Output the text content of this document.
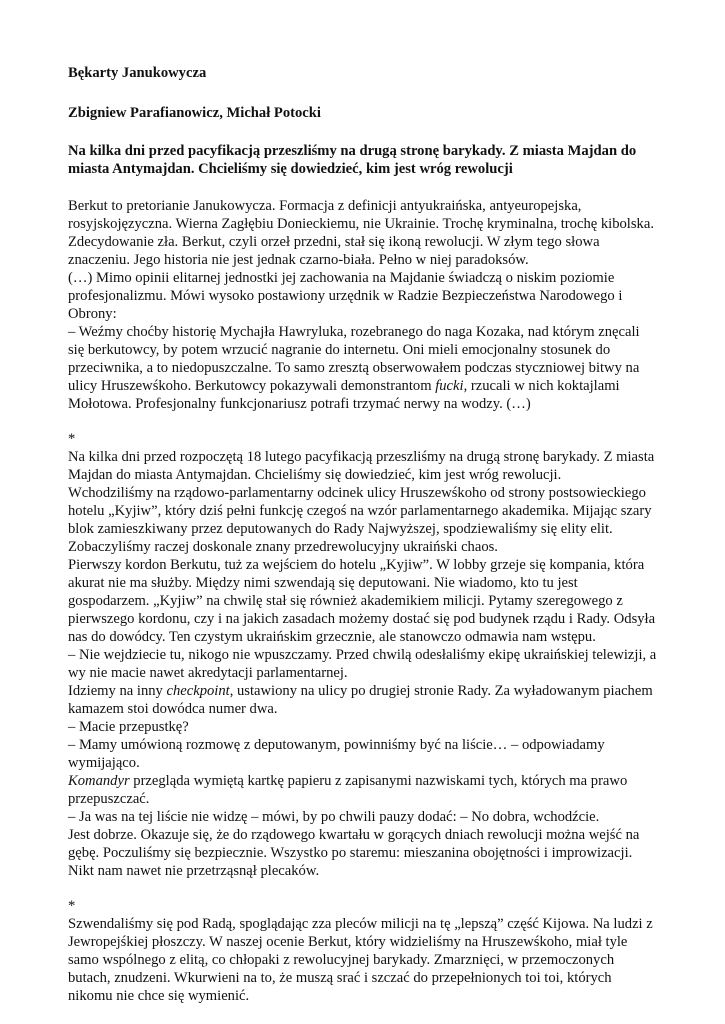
Bękarty Janukowycza

Zbigniew Parafianowicz, Michał Potocki

Na kilka dni przed pacyfikacją przeszliśmy na drugą stronę barykady. Z miasta Majdan do miasta Antymajdan. Chcieliśmy się dowiedzieć, kim jest wróg rewolucji

Berkut to pretorianie Janukowycza. Formacja z definicji antyukraińska, antyeuropejska, rosyjskojęzyczna. Wierna Zagłębiu Donieckiemu, nie Ukrainie. Trochę kryminalna, trochę kibolska. Zdecydowanie zła. Berkut, czyli orzeł przedni, stał się ikoną rewolucji. W złym tego słowa znaczeniu. Jego historia nie jest jednak czarno-biała. Pełno w niej paradoksów.

(…) Mimo opinii elitarnej jednostki jej zachowania na Majdanie świadczą o niskim poziomie profesjonalizmu. Mówi wysoko postawiony urzędnik w Radzie Bezpieczeństwa Narodowego i Obrony:

– Weźmy choćby historię Mychajła Hawryluka, rozebranego do naga Kozaka, nad którym znęcali się berkutowcy, by potem wrzucić nagranie do internetu. Oni mieli emocjonalny stosunek do przeciwnika, a to niedopuszczalne. To samo zresztą obserwowałem podczas styczniowej bitwy na ulicy Hruszewśkoho. Berkutowcy pokazywali demonstrantom fucki, rzucali w nich koktajlami Mołotowa. Profesjonalny funkcjonariusz potrafi trzymać nerwy na wodzy. (…)

*

Na kilka dni przed rozpoczętą 18 lutego pacyfikacją przeszliśmy na drugą stronę barykady. Z miasta Majdan do miasta Antymajdan. Chcieliśmy się dowiedzieć, kim jest wróg rewolucji.

Wchodziliśmy na rządowo-parlamentarny odcinek ulicy Hruszewśkoho od strony postsowieckiego hotelu „Kyjiw”, który dziś pełni funkcję czegoś na wzór parlamentarnego akademika. Mijając szary blok zamieszkiwany przez deputowanych do Rady Najwyższej, spodziewaliśmy się elity elit. Zobaczyliśmy raczej doskonale znany przedrewolucyjny ukraiński chaos.

Pierwszy kordon Berkutu, tuż za wejściem do hotelu „Kyjiw”. W lobby grzeje się kompania, która akurat nie ma służby. Między nimi szwendają się deputowani. Nie wiadomo, kto tu jest gospodarzem. „Kyjiw” na chwilę stał się również akademikiem milicji. Pytamy szeregowego z pierwszego kordonu, czy i na jakich zasadach możemy dostać się pod budynek rządu i Rady. Odsyła nas do dowódcy. Ten czystym ukraińskim grzecznie, ale stanowczo odmawia nam wstępu.

– Nie wejdziecie tu, nikogo nie wpuszczamy. Przed chwilą odesłaliśmy ekipę ukraińskiej telewizji, a wy nie macie nawet akredytacji parlamentarnej.

Idziemy na inny checkpoint, ustawiony na ulicy po drugiej stronie Rady. Za wyładowanym piachem kamazem stoi dowódca numer dwa.

– Macie przepustkę?

– Mamy umówioną rozmowę z deputowanym, powinniśmy być na liście… – odpowiadamy wymijająco.

Komandyr przegląda wymiętą kartkę papieru z zapisanymi nazwiskami tych, których ma prawo przepuszczać.

– Ja was na tej liście nie widzę – mówi, by po chwili pauzy dodać: – No dobra, wchodźcie.

Jest dobrze. Okazuje się, że do rządowego kwartału w gorących dniach rewolucji można wejść na gębę. Poczuliśmy się bezpiecznie. Wszystko po staremu: mieszanina obojętności i improwizacji. Nikt nam nawet nie przetrząsnął plecaków.

*

Szwendaliśmy się pod Radą, spoglądając zza pleców milicji na tę „lepszą” część Kijowa. Na ludzi z Jewropejśkiej płoszczy. W naszej ocenie Berkut, który widzieliśmy na Hruszewśkoho, miał tyle samo wspólnego z elitą, co chłopaki z rewolucyjnej barykady. Zmarznięci, w przemoczonych butach, znudzeni. Wkurwieni na to, że muszą srać i szczać do przepełnionych toi toi, których nikomu nie chce się wymienić.
